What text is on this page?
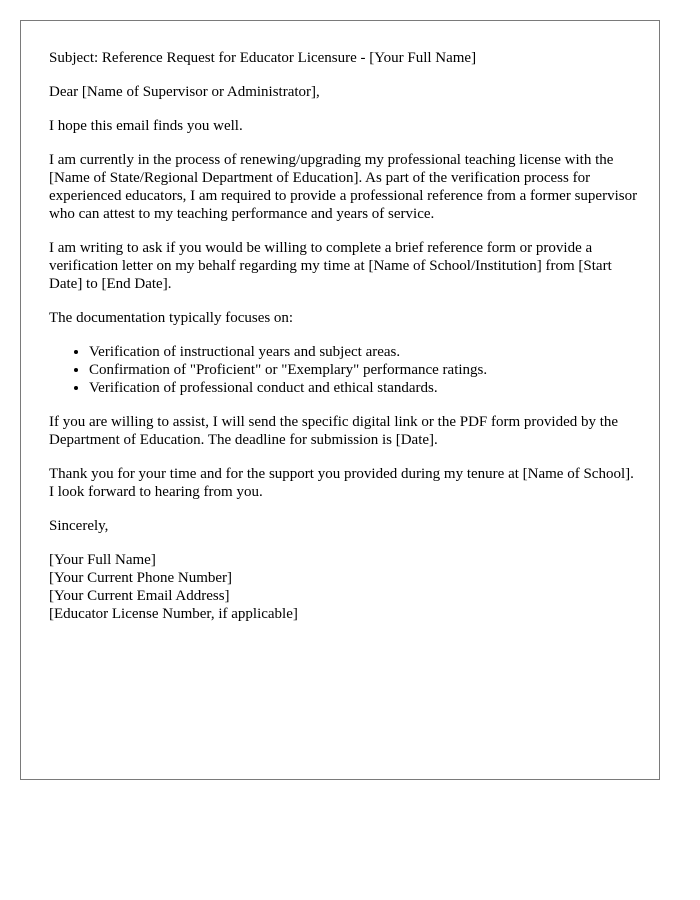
Subject: Reference Request for Educator Licensure - [Your Full Name]

Dear [Name of Supervisor or Administrator],

I hope this email finds you well.

I am currently in the process of renewing/upgrading my professional teaching license with the [Name of State/Regional Department of Education]. As part of the verification process for experienced educators, I am required to provide a professional reference from a former supervisor who can attest to my teaching performance and years of service.

I am writing to ask if you would be willing to complete a brief reference form or provide a verification letter on my behalf regarding my time at [Name of School/Institution] from [Start Date] to [End Date].

The documentation typically focuses on:

• Verification of instructional years and subject areas.
• Confirmation of "Proficient" or "Exemplary" performance ratings.
• Verification of professional conduct and ethical standards.

If you are willing to assist, I will send the specific digital link or the PDF form provided by the Department of Education. The deadline for submission is [Date].

Thank you for your time and for the support you provided during my tenure at [Name of School]. I look forward to hearing from you.

Sincerely,

[Your Full Name]
[Your Current Phone Number]
[Your Current Email Address]
[Educator License Number, if applicable]
